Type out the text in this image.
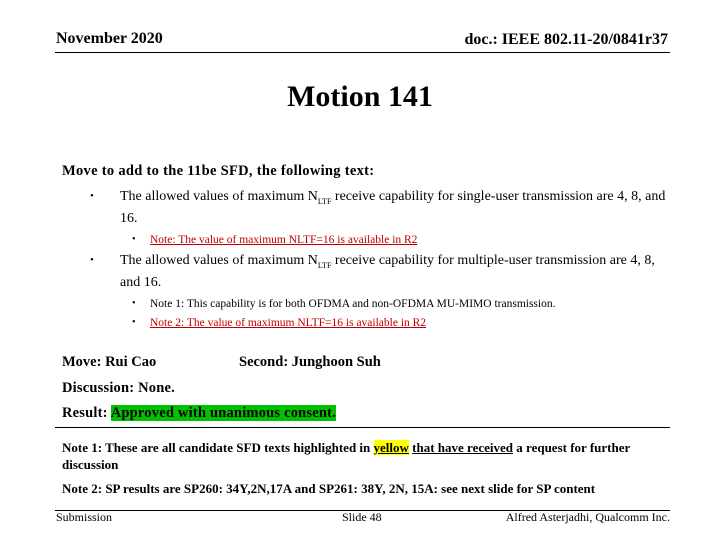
November 2020	doc.: IEEE 802.11-20/0841r37
Motion 141
Move to add to the 11be SFD, the following text:
• The allowed values of maximum $N_{LTF}$ receive capability for single-user transmission are 4, 8, and 16.
• Note: The value of maximum NLTF=16 is available in R2
• The allowed values of maximum $N_{LTF}$ receive capability for multiple-user transmission are 4, 8, and 16.
• Note 1: This capability is for both OFDMA and non-OFDMA MU-MIMO transmission.
• Note 2: The value of maximum NLTF=16 is available in R2
Move: Rui Cao	Second: Junghoon Suh
Discussion: None.
Result: Approved with unanimous consent.
Note 1: These are all candidate SFD texts highlighted in yellow that have received a request for further discussion
Note 2: SP results are SP260: 34Y,2N,17A and SP261: 38Y, 2N, 15A: see next slide for SP content
Submission	Slide 48	Alfred Asterjadhi, Qualcomm Inc.
